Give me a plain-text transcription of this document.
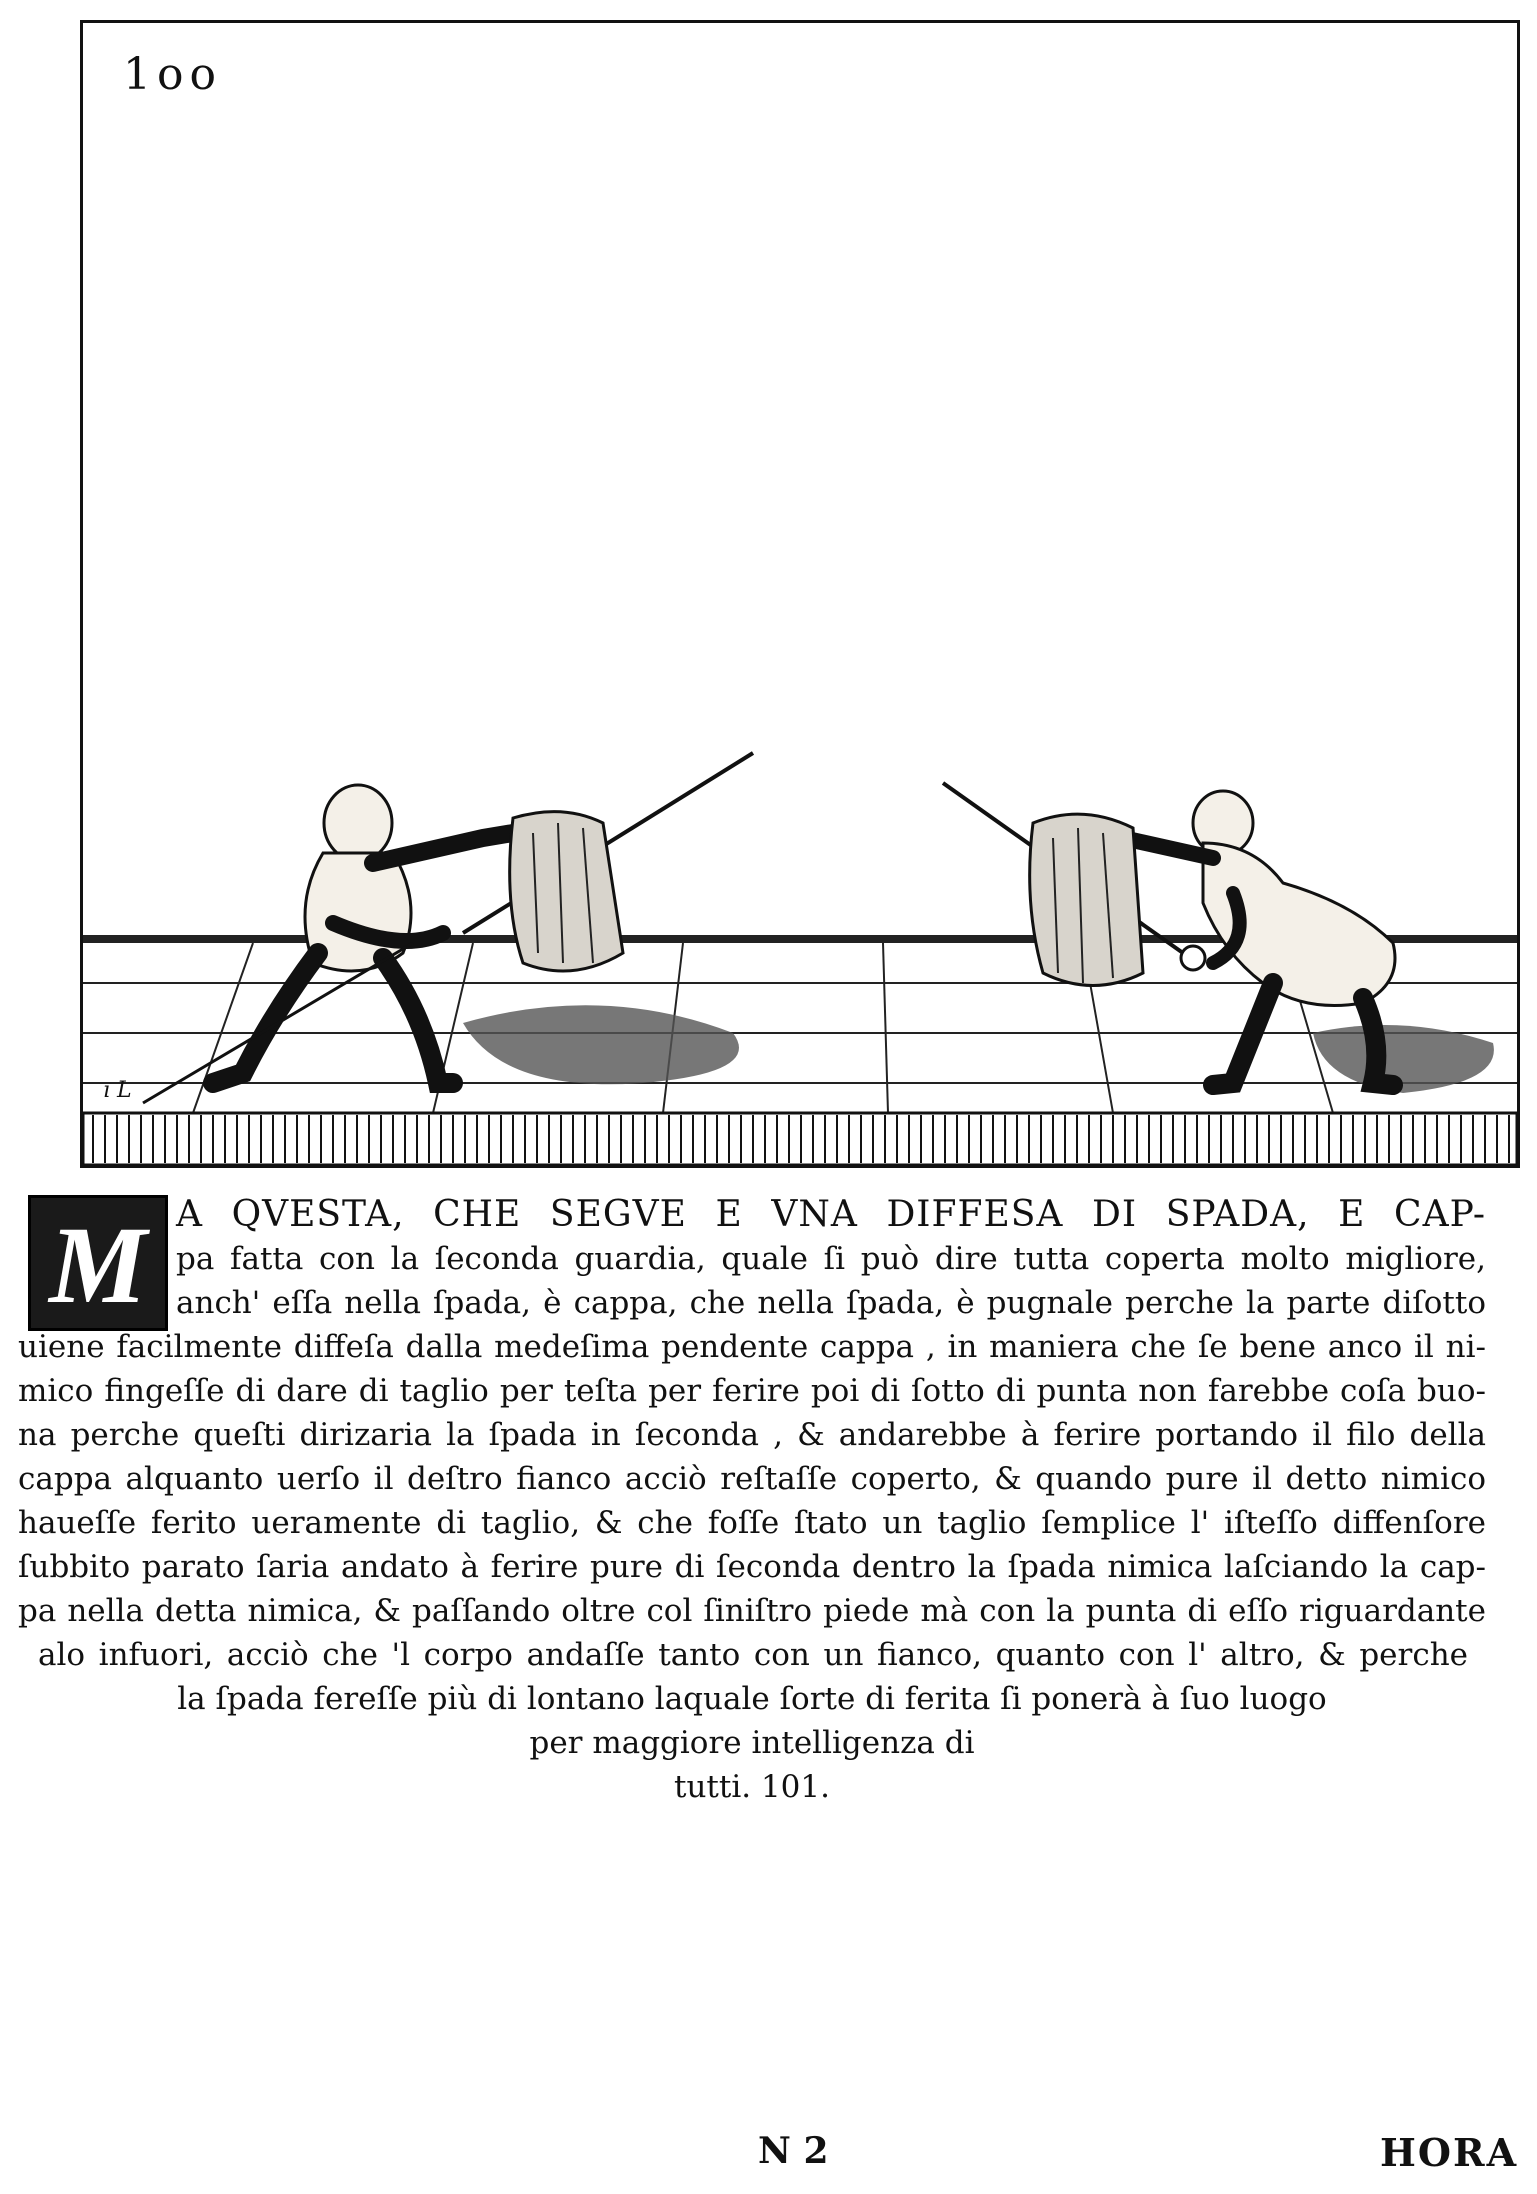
1oo
ı L
M A QVESTA, CHE SEGVE E VNA DIFFESA DI SPADA, E CAP-
pa fatta con la ſeconda guardia, quale ſi può dire tutta coperta molto migliore,
anch' eſſa nella ſpada, è cappa, che nella ſpada, è pugnale perche la parte diſotto
uiene facilmente diffeſa dalla medeſima pendente cappa , in maniera che ſe bene anco il ni-
mico fingeſſe di dare di taglio per teſta per ferire poi di ſotto di punta non farebbe coſa buo-
na perche queſti dirizaria la ſpada in ſeconda , & andarebbe à ferire portando il filo della
cappa alquanto uerſo il deſtro fianco acciò reſtaſſe coperto, & quando pure il detto nimico
haueſſe ferito ueramente di taglio, & che foſſe ſtato un taglio ſemplice l' iſteſſo diffenſore
ſubbito parato ſaria andato à ferire pure di ſeconda dentro la ſpada nimica laſciando la cap-
pa nella detta nimica, & paſſando oltre col ſiniſtro piede mà con la punta di eſſo riguardante
alo infuori, acciò che 'l corpo andaſſe tanto con un fianco, quanto con l' altro, & perche
la ſpada fereſſe più di lontano laquale ſorte di ferita ſi ponerà à ſuo luogo
per maggiore intelligenza di
tutti. 101.
N 2	HORA
